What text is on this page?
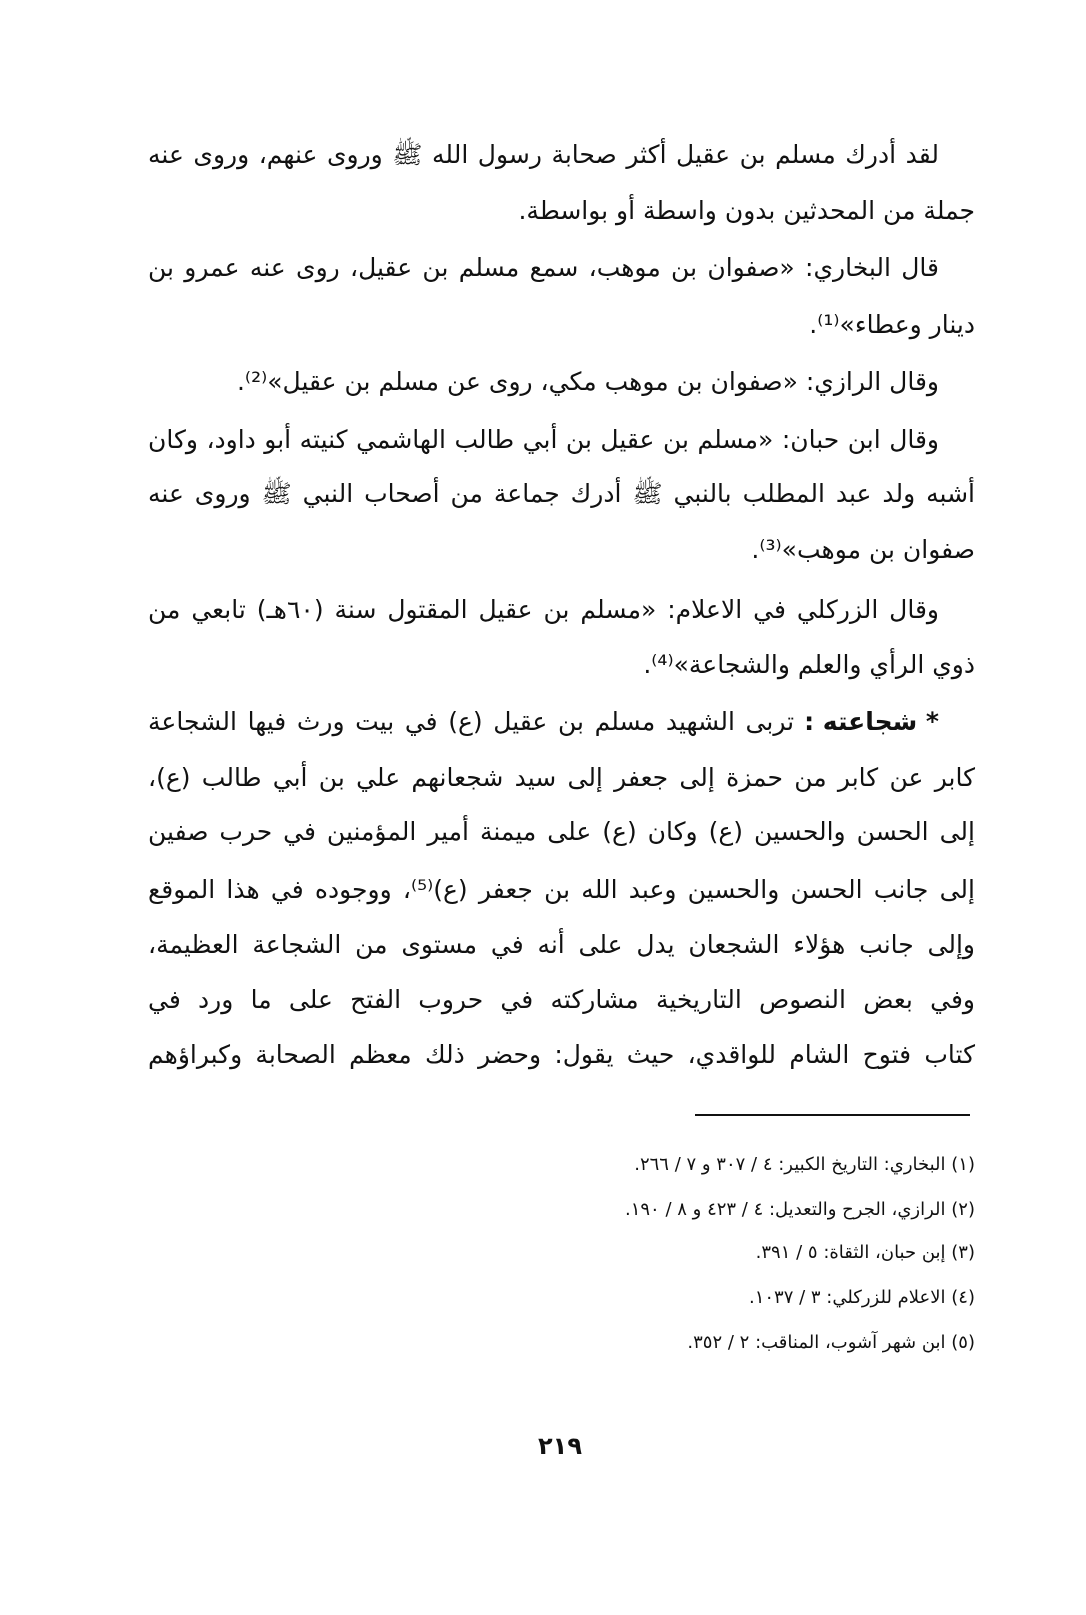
لقد أدرك مسلم بن عقيل أكثر صحابة رسول الله ﷺ وروى عنهم، وروى عنه
جملة من المحدثين بدون واسطة أو بواسطة.
قال البخاري: «صفوان بن موهب، سمع مسلم بن عقيل، روى عنه عمرو بن
دينار وعطاء»⁽¹⁾.
وقال الرازي: «صفوان بن موهب مكي، روى عن مسلم بن عقيل»⁽²⁾.
وقال ابن حبان: «مسلم بن عقيل بن أبي طالب الهاشمي كنيته أبو داود، وكان
أشبه ولد عبد المطلب بالنبي ﷺ أدرك جماعة من أصحاب النبي ﷺ وروى عنه
صفوان بن موهب»⁽³⁾.
وقال الزركلي في الاعلام: «مسلم بن عقيل المقتول سنة (٦٠هـ) تابعي من
ذوي الرأي والعلم والشجاعة»⁽⁴⁾.
* شجاعته :
تربى الشهيد مسلم بن عقيل (ع) في بيت ورث فيها الشجاعة
كابر عن كابر من حمزة إلى جعفر إلى سيد شجعانهم علي بن أبي طالب (ع)،
إلى الحسن والحسين (ع) وكان (ع) على ميمنة أمير المؤمنين في حرب صفين
إلى جانب الحسن والحسين وعبد الله بن جعفر (ع)⁽⁵⁾، ووجوده في هذا الموقع
وإلى جانب هؤلاء الشجعان يدل على أنه في مستوى من الشجاعة العظيمة،
وفي بعض النصوص التاريخية مشاركته في حروب الفتح على ما ورد في
كتاب فتوح الشام للواقدي، حيث يقول: وحضر ذلك معظم الصحابة وكبراؤهم
(١) البخاري: التاريخ الكبير: ٤ / ٣٠٧ و ٧ / ٢٦٦.
(٢) الرازي، الجرح والتعديل: ٤ / ٤٢٣ و ٨ / ١٩٠.
(٣) إبن حبان، الثقاة: ٥ / ٣٩١.
(٤) الاعلام للزركلي: ٣ / ١٠٣٧.
(٥) ابن شهر آشوب، المناقب: ٢ / ٣٥٢.
٢١٩
